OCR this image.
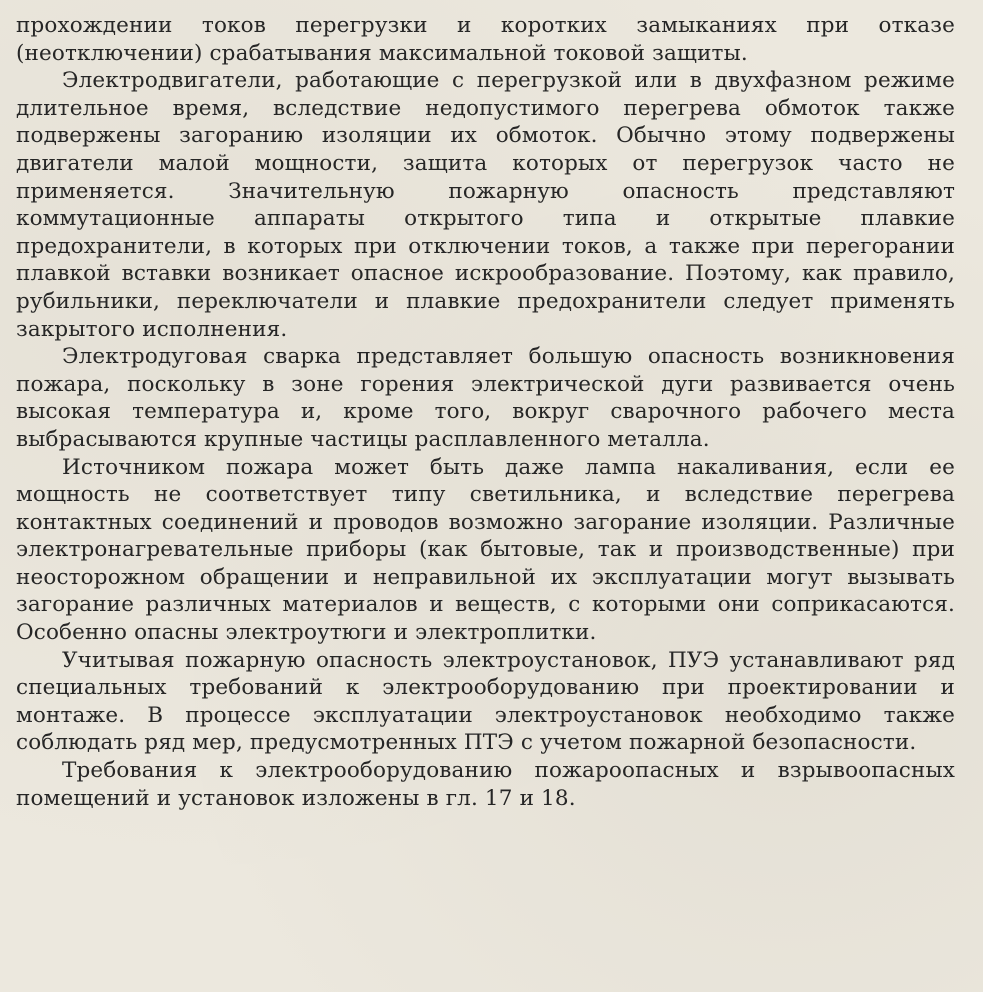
прохождении токов перегрузки и коротких замыканиях при отказе (неотключении) срабатывания максимальной токовой защиты.

Электродвигатели, работающие с перегрузкой или в двухфазном режиме длительное время, вследствие недопустимого перегрева обмоток также подвержены загоранию изоляции их обмоток. Обычно этому подвержены двигатели малой мощности, защита которых от перегрузок часто не применяется. Значительную пожарную опасность представляют коммутационные аппараты открытого типа и открытые плавкие предохранители, в которых при отключении токов, а также при перегорании плавкой вставки возникает опасное искрообразование. Поэтому, как правило, рубильники, переключатели и плавкие предохранители следует применять закрытого исполнения.

Электродуговая сварка представляет большую опасность возникновения пожара, поскольку в зоне горения электрической дуги развивается очень высокая температура и, кроме того, вокруг сварочного рабочего места выбрасываются крупные частицы расплавленного металла.

Источником пожара может быть даже лампа накаливания, если ее мощность не соответствует типу светильника, и вследствие перегрева контактных соединений и проводов возможно загорание изоляции. Различные электронагревательные приборы (как бытовые, так и производственные) при неосторожном обращении и неправильной их эксплуатации могут вызывать загорание различных материалов и веществ, с которыми они соприкасаются. Особенно опасны электроутюги и электроплитки.

Учитывая пожарную опасность электроустановок, ПУЭ устанавливают ряд специальных требований к электрооборудованию при проектировании и монтаже. В процессе эксплуатации электроустановок необходимо также соблюдать ряд мер, предусмотренных ПТЭ с учетом пожарной безопасности.

Требования к электрооборудованию пожароопасных и взрывоопасных помещений и установок изложены в гл. 17 и 18.
